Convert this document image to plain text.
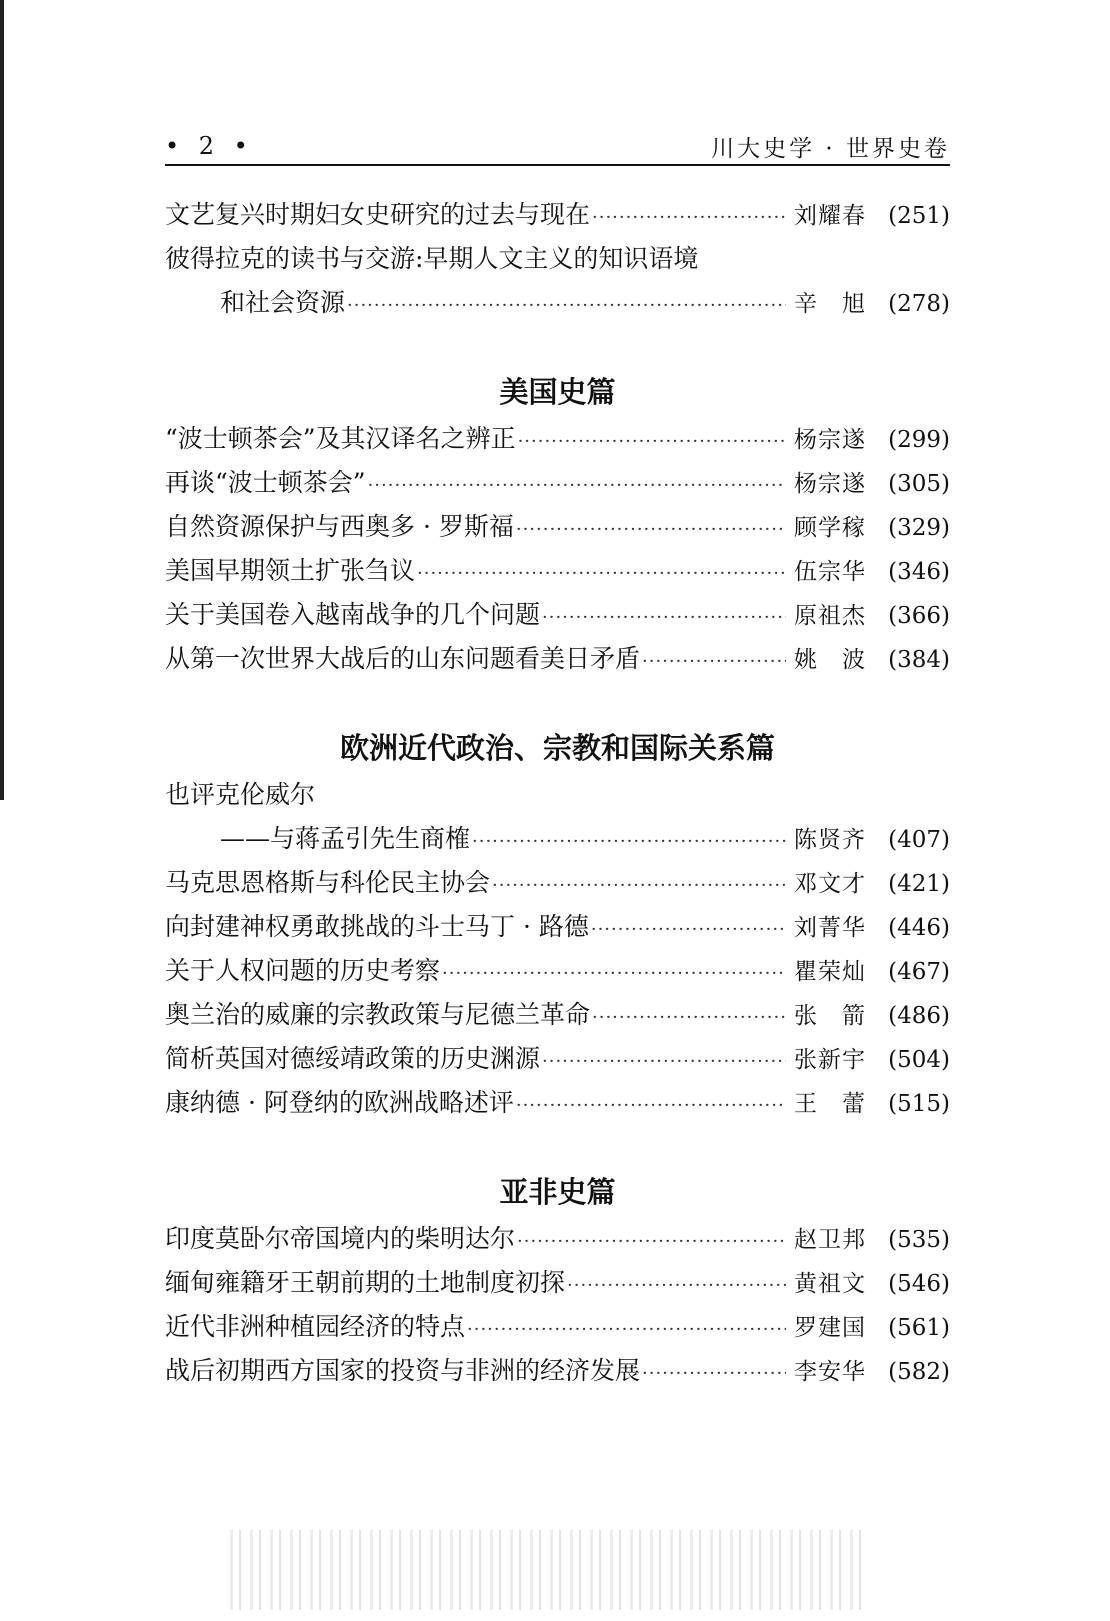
• 2 •	川大史学 · 世界史卷
文艺复兴时期妇女史研究的过去与现在 ·····	刘耀春 (251)
彼得拉克的读书与交游:早期人文主义的知识语境
和社会资源 ·····	辛　旭 (278)
美国史篇
“波士顿茶会”及其汉译名之辨正 ·····	杨宗遂 (299)
再谈“波士顿茶会” ·····	杨宗遂 (305)
自然资源保护与西奥多 · 罗斯福 ·····	顾学稼 (329)
美国早期领土扩张刍议 ·····	伍宗华 (346)
关于美国卷入越南战争的几个问题 ·····	原祖杰 (366)
从第一次世界大战后的山东问题看美日矛盾 ·····	姚　波 (384)
欧洲近代政治、宗教和国际关系篇
也评克伦威尔
——与蒋孟引先生商榷 ·····	陈贤齐 (407)
马克思恩格斯与科伦民主协会 ·····	邓文才 (421)
向封建神权勇敢挑战的斗士马丁 · 路德 ·····	刘菁华 (446)
关于人权问题的历史考察 ·····	瞿荣灿 (467)
奥兰治的威廉的宗教政策与尼德兰革命 ·····	张　箭 (486)
简析英国对德绥靖政策的历史渊源 ·····	张新宇 (504)
康纳德 · 阿登纳的欧洲战略述评 ·····	王　蕾 (515)
亚非史篇
印度莫卧尔帝国境内的柴明达尔 ·····	赵卫邦 (535)
缅甸雍籍牙王朝前期的土地制度初探 ·····	黄祖文 (546)
近代非洲种植园经济的特点 ·····	罗建国 (561)
战后初期西方国家的投资与非洲的经济发展 ·····	李安华 (582)
